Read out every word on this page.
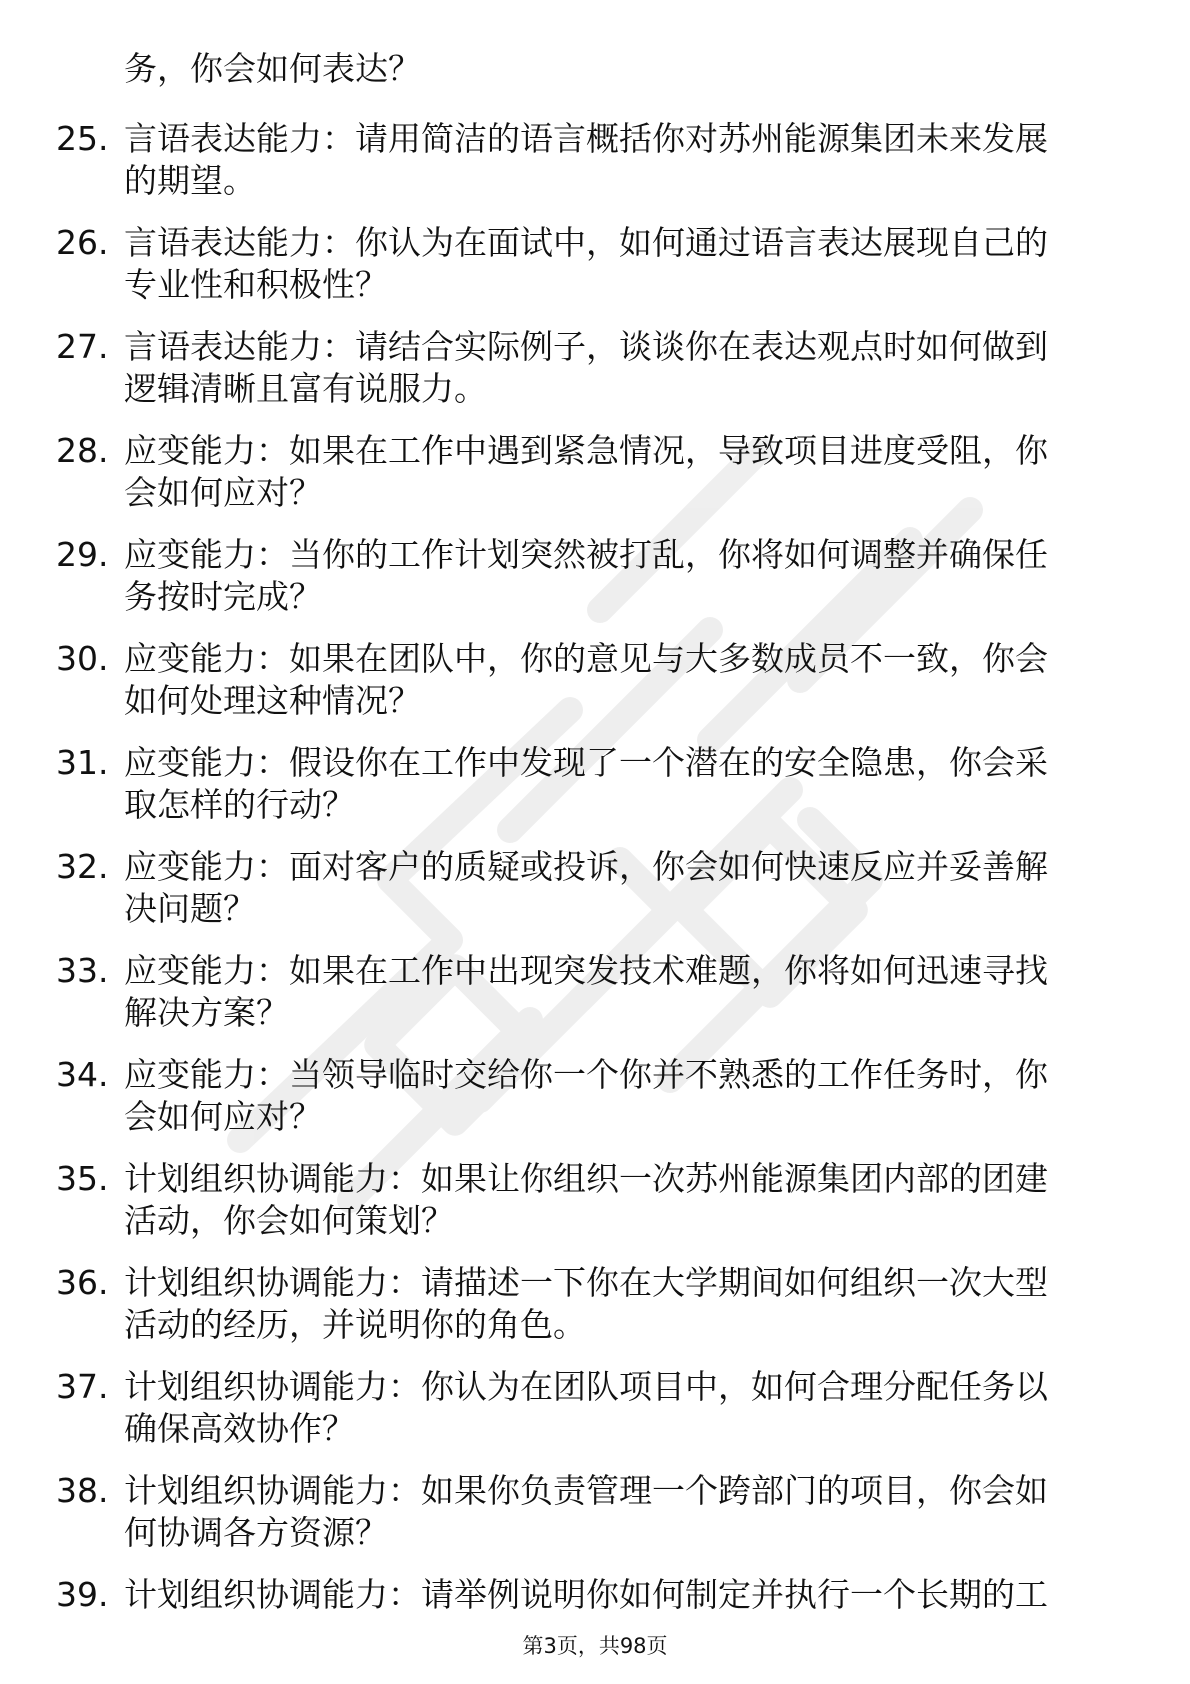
务，你会如何表达？

25. 言语表达能力：请用简洁的语言概括你对苏州能源集团未来发展
的期望。

26. 言语表达能力：你认为在面试中，如何通过语言表达展现自己的
专业性和积极性？

27. 言语表达能力：请结合实际例子，谈谈你在表达观点时如何做到
逻辑清晰且富有说服力。

28. 应变能力：如果在工作中遇到紧急情况，导致项目进度受阻，你
会如何应对？

29. 应变能力：当你的工作计划突然被打乱，你将如何调整并确保任
务按时完成？

30. 应变能力：如果在团队中，你的意见与大多数成员不一致，你会
如何处理这种情况？

31. 应变能力：假设你在工作中发现了一个潜在的安全隐患，你会采
取怎样的行动？

32. 应变能力：面对客户的质疑或投诉，你会如何快速反应并妥善解
决问题？

33. 应变能力：如果在工作中出现突发技术难题，你将如何迅速寻找
解决方案？

34. 应变能力：当领导临时交给你一个你并不熟悉的工作任务时，你
会如何应对？

35. 计划组织协调能力：如果让你组织一次苏州能源集团内部的团建
活动，你会如何策划？

36. 计划组织协调能力：请描述一下你在大学期间如何组织一次大型
活动的经历，并说明你的角色。

37. 计划组织协调能力：你认为在团队项目中，如何合理分配任务以
确保高效协作？

38. 计划组织协调能力：如果你负责管理一个跨部门的项目，你会如
何协调各方资源？

39. 计划组织协调能力：请举例说明你如何制定并执行一个长期的工

第3页，共98页
